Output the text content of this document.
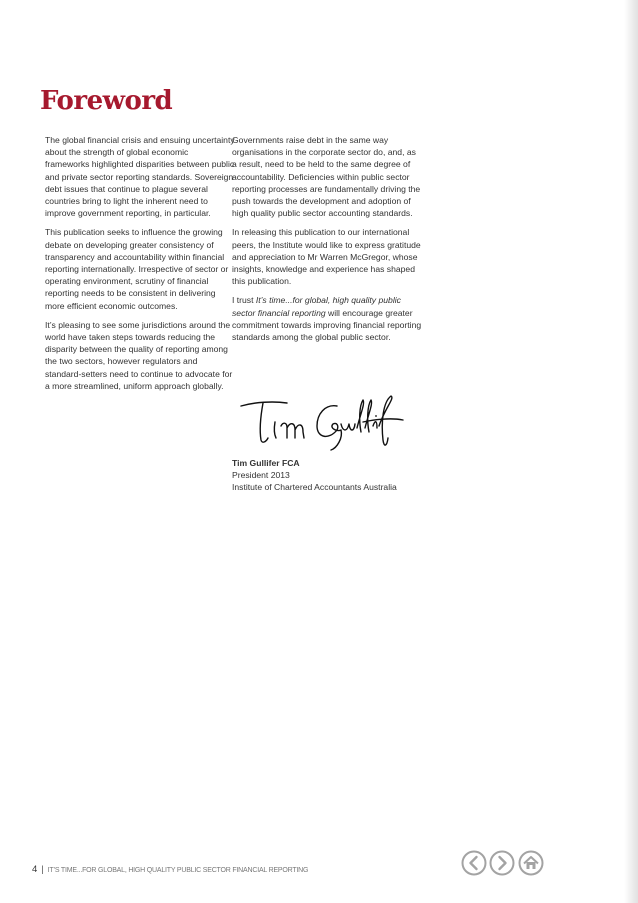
Foreword

The global financial crisis and ensuing uncertainty about the strength of global economic frameworks highlighted disparities between public and private sector reporting standards. Sovereign debt issues that continue to plague several countries bring to light the inherent need to improve government reporting, in particular.

This publication seeks to influence the growing debate on developing greater consistency of transparency and accountability within financial reporting internationally. Irrespective of sector or operating environment, scrutiny of financial reporting needs to be consistent in delivering more efficient economic outcomes.

It’s pleasing to see some jurisdictions around the world have taken steps towards reducing the disparity between the quality of reporting among the two sectors, however regulators and standard-setters need to continue to advocate for a more streamlined, uniform approach globally.

Governments raise debt in the same way organisations in the corporate sector do, and, as a result, need to be held to the same degree of accountability. Deficiencies within public sector reporting processes are fundamentally driving the push towards the development and adoption of high quality public sector accounting standards.

In releasing this publication to our international peers, the Institute would like to express gratitude and appreciation to Mr Warren McGregor, whose insights, knowledge and experience has shaped this publication.

I trust It’s time...for global, high quality public sector financial reporting will encourage greater commitment towards improving financial reporting standards among the global public sector.

Tim Gullifer FCA
President 2013
Institute of Chartered Accountants Australia
4 | IT’S TIME...FOR GLOBAL, HIGH QUALITY PUBLIC SECTOR FINANCIAL REPORTING
